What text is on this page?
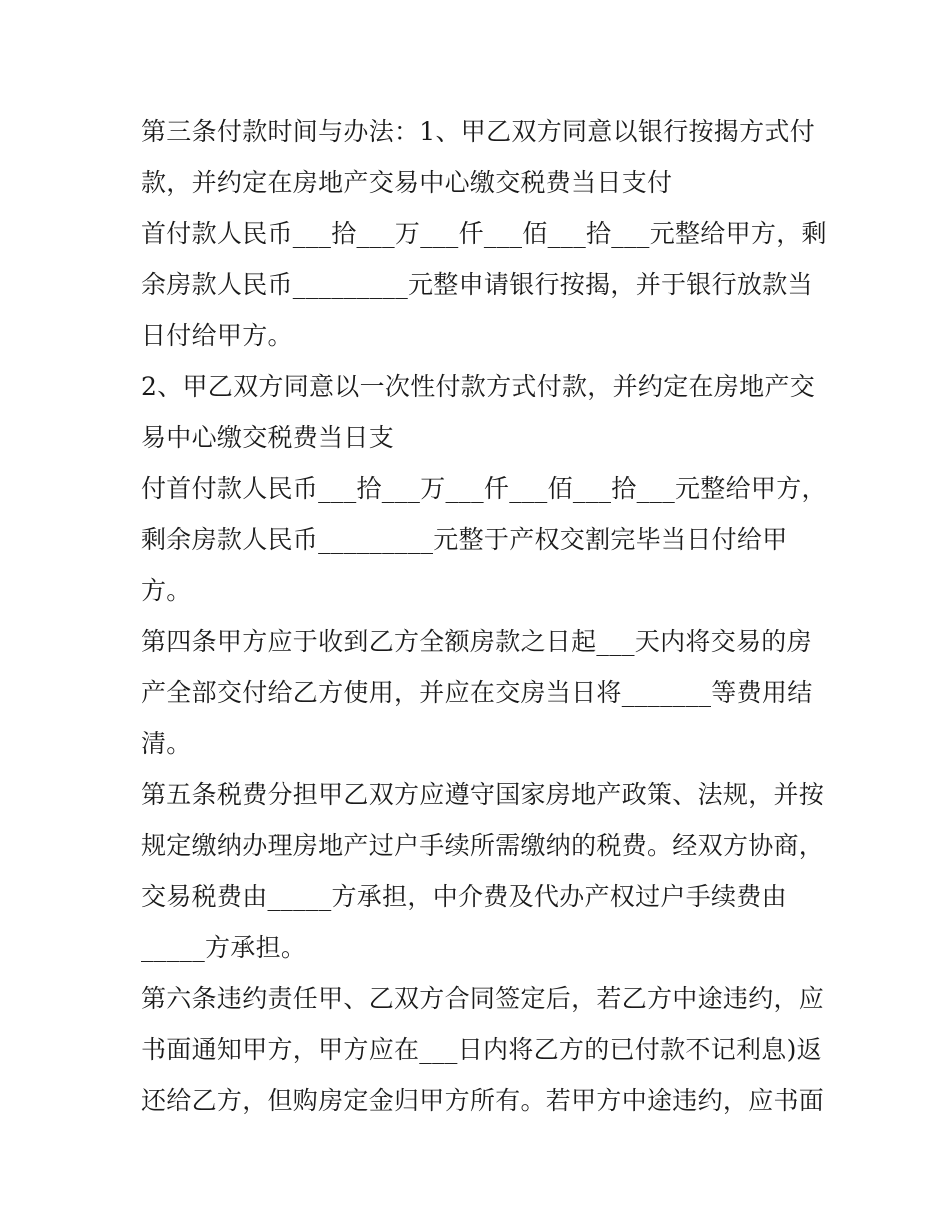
第三条付款时间与办法：1、甲乙双方同意以银行按揭方式付
款，并约定在房地产交易中心缴交税费当日支付
首付款人民币___拾___万___仟___佰___拾___元整给甲方，剩
余房款人民币_________元整申请银行按揭，并于银行放款当
日付给甲方。
2、甲乙双方同意以一次性付款方式付款，并约定在房地产交
易中心缴交税费当日支
付首付款人民币___拾___万___仟___佰___拾___元整给甲方，
剩余房款人民币_________元整于产权交割完毕当日付给甲
方。
第四条甲方应于收到乙方全额房款之日起___天内将交易的房
产全部交付给乙方使用，并应在交房当日将_______等费用结
清。
第五条税费分担甲乙双方应遵守国家房地产政策、法规，并按
规定缴纳办理房地产过户手续所需缴纳的税费。经双方协商，
交易税费由_____方承担，中介费及代办产权过户手续费由
_____方承担。
第六条违约责任甲、乙双方合同签定后，若乙方中途违约，应
书面通知甲方，甲方应在___日内将乙方的已付款不记利息)返
还给乙方，但购房定金归甲方所有。若甲方中途违约，应书面
